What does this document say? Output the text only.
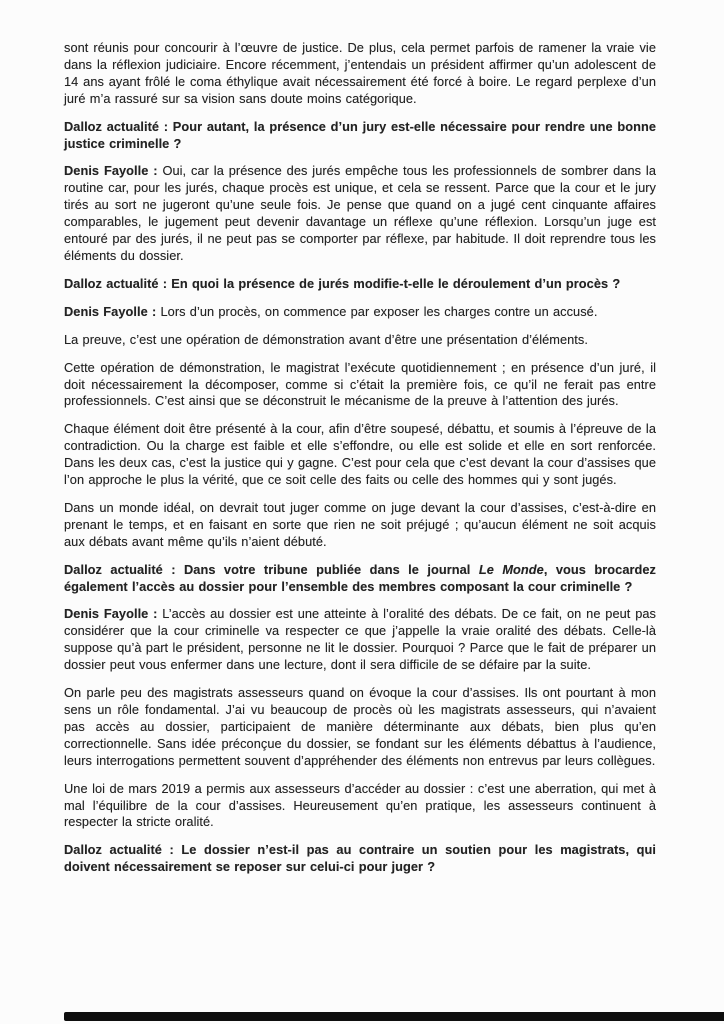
sont réunis pour concourir à l’œuvre de justice. De plus, cela permet parfois de ramener la vraie vie dans la réflexion judiciaire. Encore récemment, j’entendais un président affirmer qu’un adolescent de 14 ans ayant frôlé le coma éthylique avait nécessairement été forcé à boire. Le regard perplexe d’un juré m’a rassuré sur sa vision sans doute moins catégorique.

Dalloz actualité : Pour autant, la présence d’un jury est-elle nécessaire pour rendre une bonne justice criminelle ?

Denis Fayolle : Oui, car la présence des jurés empêche tous les professionnels de sombrer dans la routine car, pour les jurés, chaque procès est unique, et cela se ressent. Parce que la cour et le jury tirés au sort ne jugeront qu’une seule fois. Je pense que quand on a jugé cent cinquante affaires comparables, le jugement peut devenir davantage un réflexe qu’une réflexion. Lorsqu’un juge est entouré par des jurés, il ne peut pas se comporter par réflexe, par habitude. Il doit reprendre tous les éléments du dossier.

Dalloz actualité : En quoi la présence de jurés modifie-t-elle le déroulement d’un procès ?

Denis Fayolle : Lors d’un procès, on commence par exposer les charges contre un accusé.

La preuve, c’est une opération de démonstration avant d’être une présentation d’éléments.

Cette opération de démonstration, le magistrat l’exécute quotidiennement ; en présence d’un juré, il doit nécessairement la décomposer, comme si c’était la première fois, ce qu’il ne ferait pas entre professionnels. C’est ainsi que se déconstruit le mécanisme de la preuve à l’attention des jurés.

Chaque élément doit être présenté à la cour, afin d’être soupesé, débattu, et soumis à l’épreuve de la contradiction. Ou la charge est faible et elle s’effondre, ou elle est solide et elle en sort renforcée. Dans les deux cas, c’est la justice qui y gagne. C’est pour cela que c’est devant la cour d’assises que l’on approche le plus la vérité, que ce soit celle des faits ou celle des hommes qui y sont jugés.

Dans un monde idéal, on devrait tout juger comme on juge devant la cour d’assises, c’est-à-dire en prenant le temps, et en faisant en sorte que rien ne soit préjugé ; qu’aucun élément ne soit acquis aux débats avant même qu’ils n’aient débuté.

Dalloz actualité : Dans votre tribune publiée dans le journal Le Monde, vous brocardez également l’accès au dossier pour l’ensemble des membres composant la cour criminelle ?

Denis Fayolle : L’accès au dossier est une atteinte à l’oralité des débats. De ce fait, on ne peut pas considérer que la cour criminelle va respecter ce que j’appelle la vraie oralité des débats. Celle-là suppose qu’à part le président, personne ne lit le dossier. Pourquoi ? Parce que le fait de préparer un dossier peut vous enfermer dans une lecture, dont il sera difficile de se défaire par la suite.

On parle peu des magistrats assesseurs quand on évoque la cour d’assises. Ils ont pourtant à mon sens un rôle fondamental. J’ai vu beaucoup de procès où les magistrats assesseurs, qui n’avaient pas accès au dossier, participaient de manière déterminante aux débats, bien plus qu’en correctionnelle. Sans idée préconçue du dossier, se fondant sur les éléments débattus à l’audience, leurs interrogations permettent souvent d’appréhender des éléments non entrevus par leurs collègues.

Une loi de mars 2019 a permis aux assesseurs d’accéder au dossier : c’est une aberration, qui met à mal l’équilibre de la cour d’assises. Heureusement qu’en pratique, les assesseurs continuent à respecter la stricte oralité.

Dalloz actualité : Le dossier n’est-il pas au contraire un soutien pour les magistrats, qui doivent nécessairement se reposer sur celui-ci pour juger ?
